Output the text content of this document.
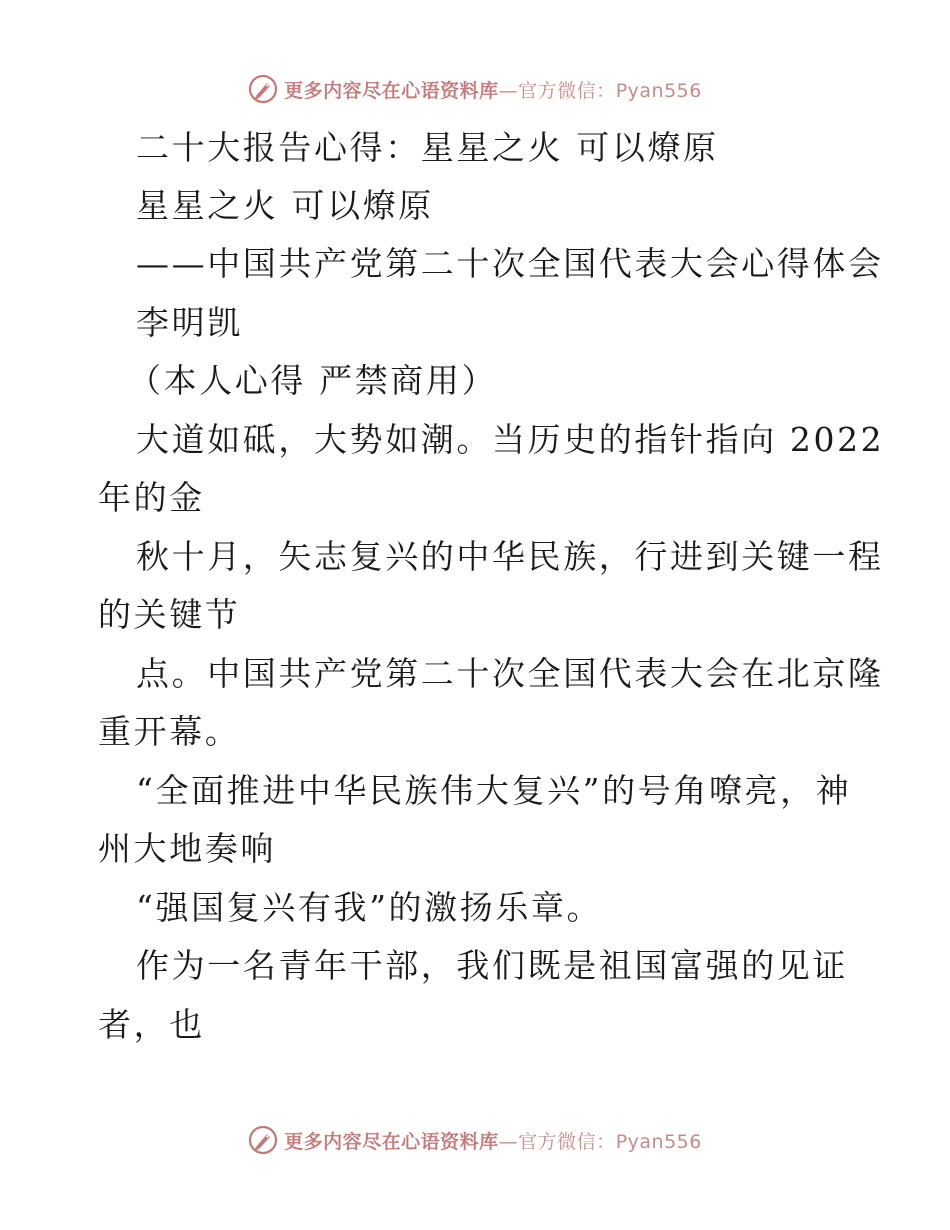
更多内容尽在心语资料库—官方微信：Pyan556
二十大报告心得：星星之火 可以燎原
星星之火 可以燎原
——中国共产党第二十次全国代表大会心得体会
李明凯
（本人心得 严禁商用）
大道如砥，大势如潮。当历史的指针指向 2022
年的金
秋十月，矢志复兴的中华民族，行进到关键一程
的关键节
点。中国共产党第二十次全国代表大会在北京隆
重开幕。
“全面推进中华民族伟大复兴”的号角嘹亮，神
州大地奏响
“强国复兴有我”的激扬乐章。
作为一名青年干部，我们既是祖国富强的见证
者，也
更多内容尽在心语资料库—官方微信：Pyan556
